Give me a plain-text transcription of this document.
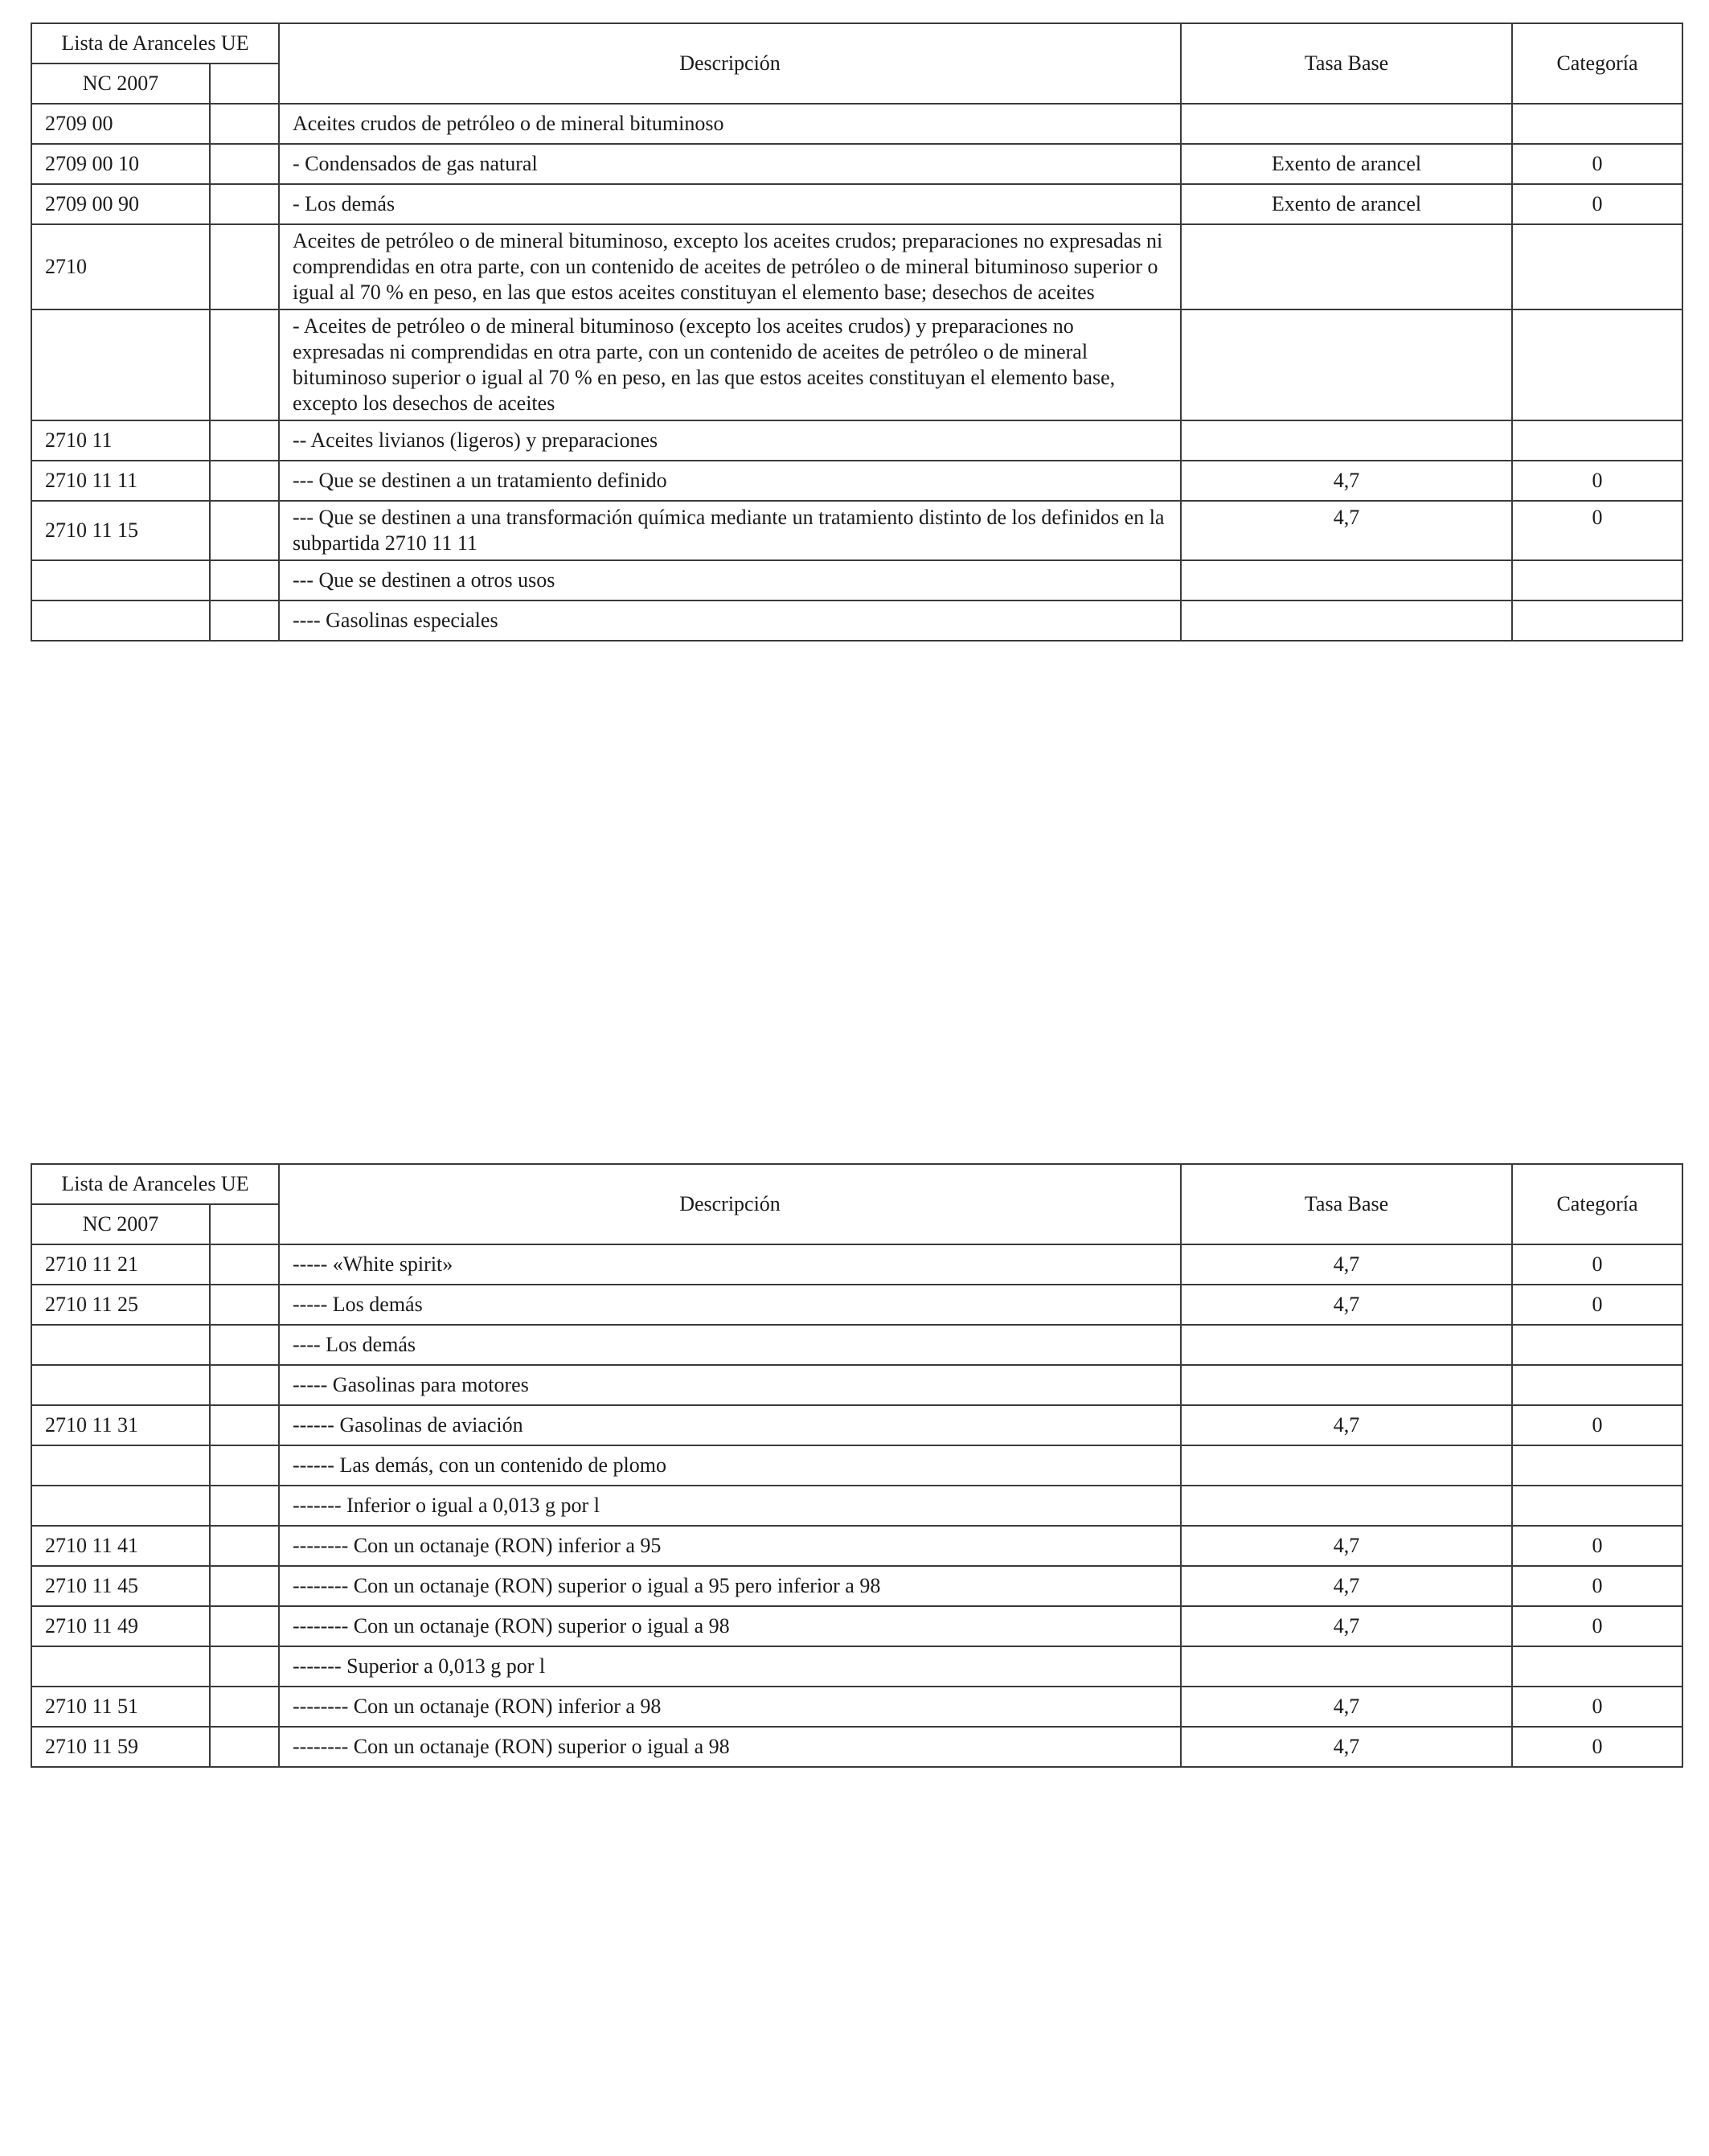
Lista de Aranceles UE		Descripción	Tasa Base	Categoría
NC 2007				
2709 00		Aceites crudos de petróleo o de mineral bituminoso		
2709 00 10		- Condensados de gas natural	Exento de arancel	0
2709 00 90		- Los demás	Exento de arancel	0
2710		Aceites de petróleo o de mineral bituminoso, excepto los aceites crudos; preparaciones no expresadas ni comprendidas en otra parte, con un contenido de aceites de petróleo o de mineral bituminoso superior o igual al 70 % en peso, en las que estos aceites constituyan el elemento base; desechos de aceites		
		- Aceites de petróleo o de mineral bituminoso (excepto los aceites crudos) y preparaciones no expresadas ni comprendidas en otra parte, con un contenido de aceites de petróleo o de mineral bituminoso superior o igual al 70 % en peso, en las que estos aceites constituyan el elemento base, excepto los desechos de aceites		
2710 11		-- Aceites livianos (ligeros) y preparaciones		
2710 11 11		--- Que se destinen a un tratamiento definido	4,7	0
2710 11 15		--- Que se destinen a una transformación química mediante un tratamiento distinto de los definidos en la subpartida 2710 11 11	4,7	0
		--- Que se destinen a otros usos		
		---- Gasolinas especiales		
Lista de Aranceles UE		Descripción	Tasa Base	Categoría
NC 2007				
2710 11 21		----- «White spirit»	4,7	0
2710 11 25		----- Los demás	4,7	0
		---- Los demás		
		----- Gasolinas para motores		
2710 11 31		------ Gasolinas de aviación	4,7	0
		------ Las demás, con un contenido de plomo		
		------- Inferior o igual a 0,013 g por l		
2710 11 41		-------- Con un octanaje (RON) inferior a 95	4,7	0
2710 11 45		-------- Con un octanaje (RON) superior o igual a 95 pero inferior a 98	4,7	0
2710 11 49		-------- Con un octanaje (RON) superior o igual a 98	4,7	0
		------- Superior a 0,013 g por l		
2710 11 51		-------- Con un octanaje (RON) inferior a 98	4,7	0
2710 11 59		-------- Con un octanaje (RON) superior o igual a 98	4,7	0
